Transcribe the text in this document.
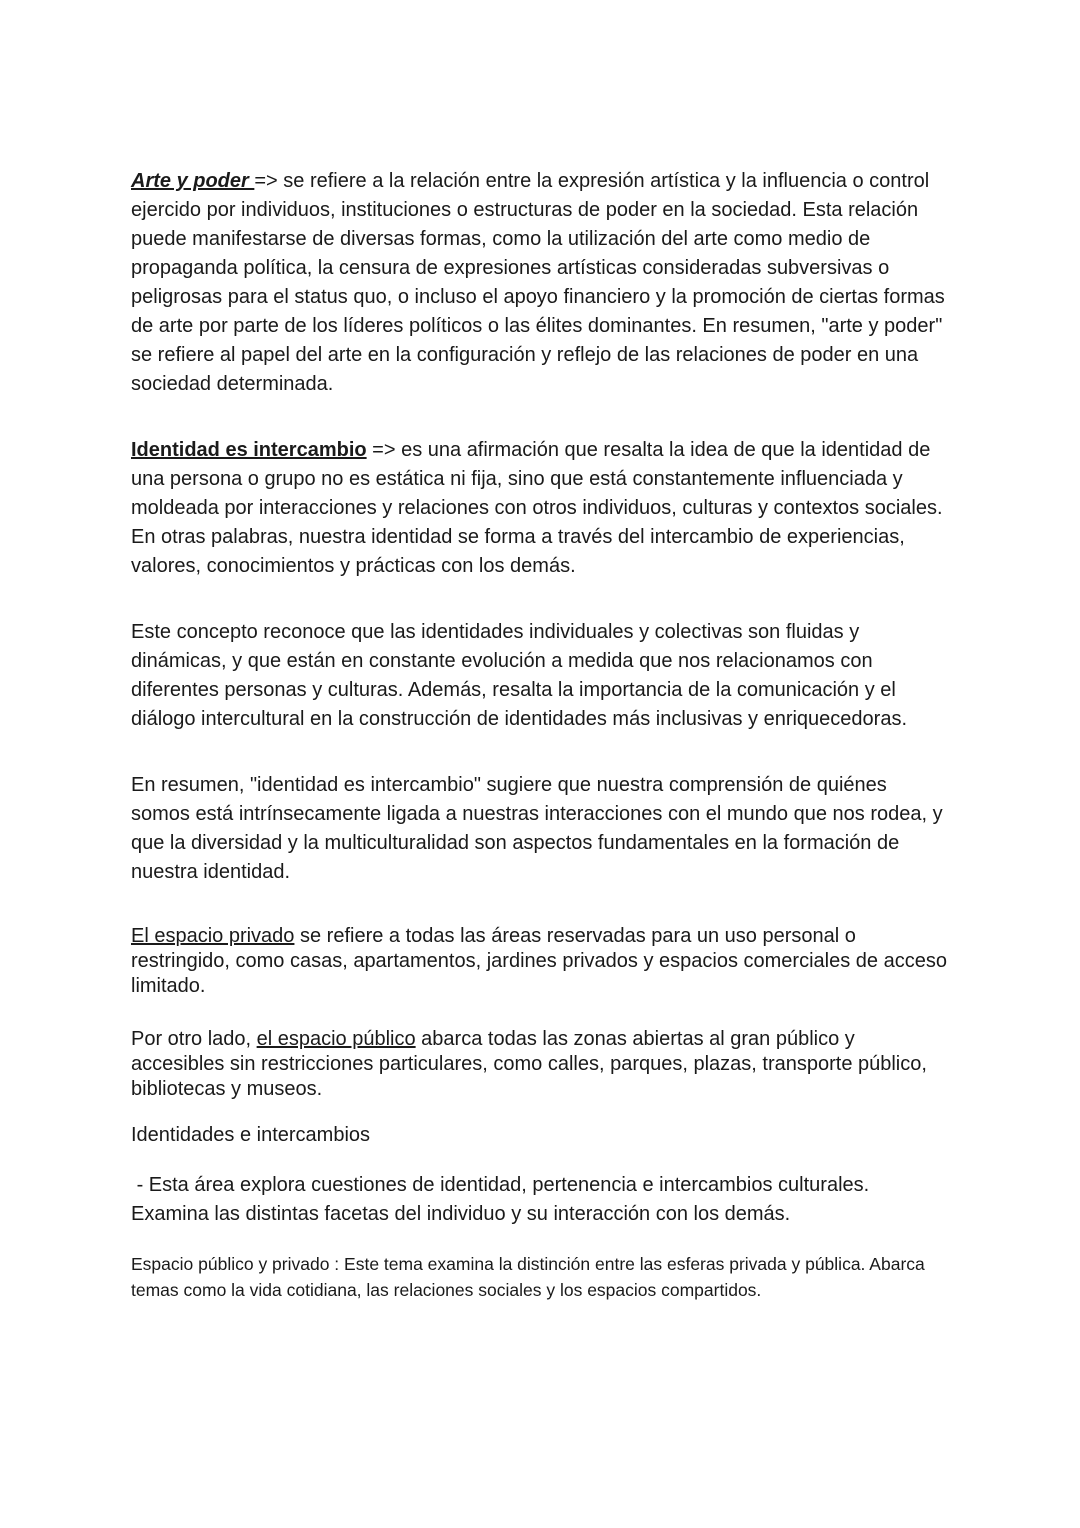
Arte y poder => se refiere a la relación entre la expresión artística y la influencia o control ejercido por individuos, instituciones o estructuras de poder en la sociedad. Esta relación puede manifestarse de diversas formas, como la utilización del arte como medio de propaganda política, la censura de expresiones artísticas consideradas subversivas o peligrosas para el status quo, o incluso el apoyo financiero y la promoción de ciertas formas de arte por parte de los líderes políticos o las élites dominantes. En resumen, "arte y poder" se refiere al papel del arte en la configuración y reflejo de las relaciones de poder en una sociedad determinada.

Identidad es intercambio => es una afirmación que resalta la idea de que la identidad de una persona o grupo no es estática ni fija, sino que está constantemente influenciada y moldeada por interacciones y relaciones con otros individuos, culturas y contextos sociales. En otras palabras, nuestra identidad se forma a través del intercambio de experiencias, valores, conocimientos y prácticas con los demás.

Este concepto reconoce que las identidades individuales y colectivas son fluidas y dinámicas, y que están en constante evolución a medida que nos relacionamos con diferentes personas y culturas. Además, resalta la importancia de la comunicación y el diálogo intercultural en la construcción de identidades más inclusivas y enriquecedoras.

En resumen, "identidad es intercambio" sugiere que nuestra comprensión de quiénes somos está intrínsecamente ligada a nuestras interacciones con el mundo que nos rodea, y que la diversidad y la multiculturalidad son aspectos fundamentales en la formación de nuestra identidad.

El espacio privado se refiere a todas las áreas reservadas para un uso personal o restringido, como casas, apartamentos, jardines privados y espacios comerciales de acceso limitado.

Por otro lado, el espacio público abarca todas las zonas abiertas al gran público y accesibles sin restricciones particulares, como calles, parques, plazas, transporte público, bibliotecas y museos.

Identidades e intercambios

- Esta área explora cuestiones de identidad, pertenencia e intercambios culturales. Examina las distintas facetas del individuo y su interacción con los demás.

Espacio público y privado : Este tema examina la distinción entre las esferas privada y pública. Abarca temas como la vida cotidiana, las relaciones sociales y los espacios compartidos.
